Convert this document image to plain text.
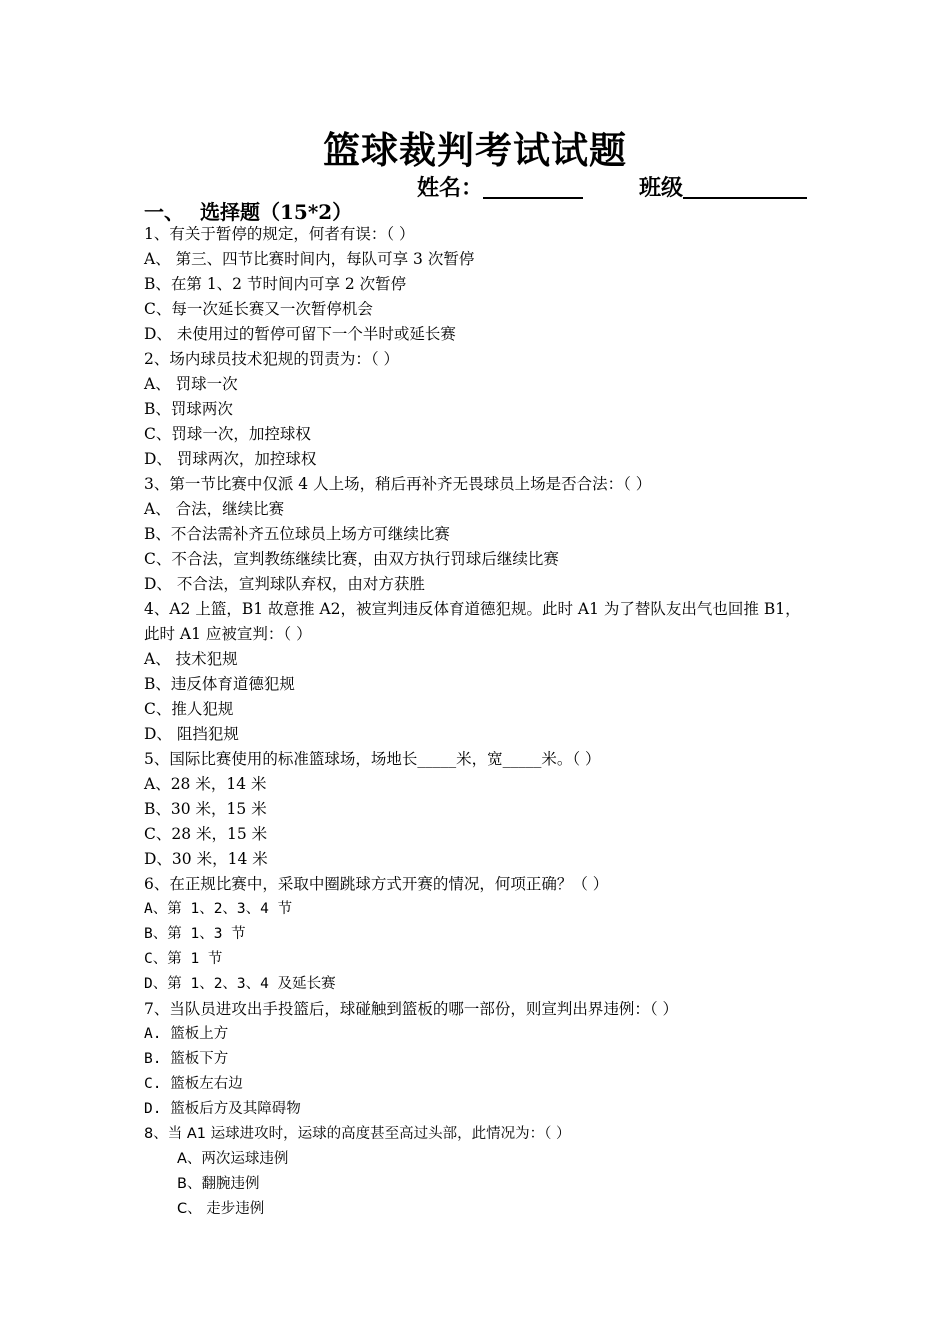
篮球裁判考试试题
姓名：	班级
一、 选择题（15*2）
1、有关于暂停的规定，何者有误：（ ）
A、 第三、四节比赛时间内，每队可享 3 次暂停
B、在第 1、2 节时间内可享 2 次暂停
C、每一次延长赛又一次暂停机会
D、 未使用过的暂停可留下一个半时或延长赛
2、场内球员技术犯规的罚责为：（ ）
A、 罚球一次
B、罚球两次
C、罚球一次，加控球权
D、 罚球两次，加控球权
3、第一节比赛中仅派 4 人上场，稍后再补齐无畏球员上场是否合法：（ ）
A、 合法，继续比赛
B、不合法需补齐五位球员上场方可继续比赛
C、不合法，宣判教练继续比赛，由双方执行罚球后继续比赛
D、 不合法，宣判球队弃权，由对方获胜
4、A2 上篮，B1 故意推 A2，被宣判违反体育道德犯规。此时 A1 为了替队友出气也回推 B1，
此时 A1 应被宣判：（ ）
A、 技术犯规
B、违反体育道德犯规
C、推人犯规
D、 阻挡犯规
5、国际比赛使用的标准篮球场，场地长_____米，宽_____米。（ ）
A、28 米，14 米
B、30 米，15 米
C、28 米，15 米
D、30 米，14 米
6、在正规比赛中，采取中圈跳球方式开赛的情况，何项正确？（ ）
A、第 1、2、3、4 节
B、第 1、3 节
C、第 1 节
D、第 1、2、3、4 及延长赛
7、当队员进攻出手投篮后，球碰触到篮板的哪一部份，则宣判出界违例：（ ）
A. 篮板上方
B. 篮板下方
C. 篮板左右边
D. 篮板后方及其障碍物
8、当 A1 运球进攻时，运球的高度甚至高过头部，此情况为：（ ）
A、两次运球违例
B、翻腕违例
C、 走步违例
